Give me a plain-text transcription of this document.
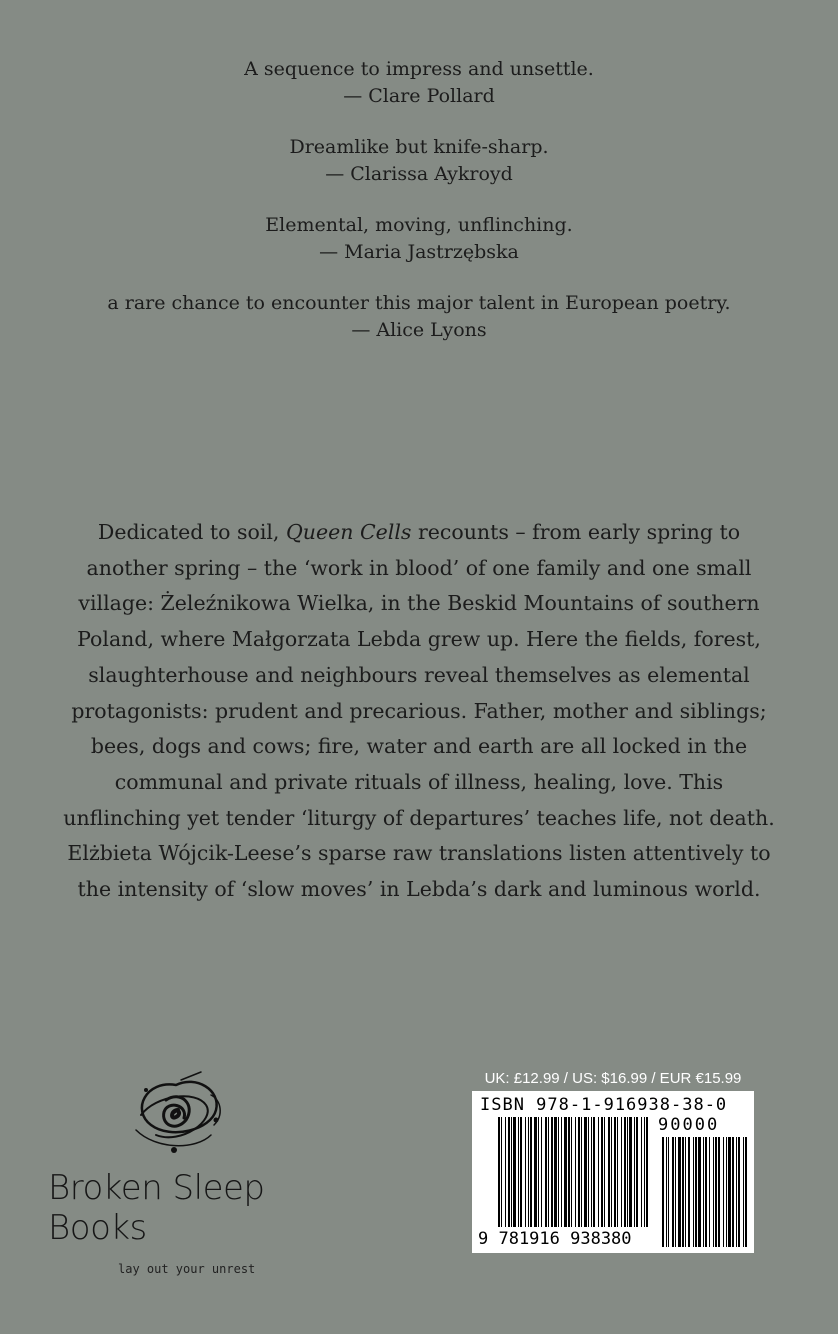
A sequence to impress and unsettle.
— Clare Pollard

Dreamlike but knife-sharp.
— Clarissa Aykroyd

Elemental, moving, unflinching.
— Maria Jastrzębska

a rare chance to encounter this major talent in European poetry.
— Alice Lyons

Dedicated to soil, Queen Cells recounts – from early spring to another spring – the ‘work in blood’ of one family and one small village: Żeleźnikowa Wielka, in the Beskid Mountains of southern Poland, where Małgorzata Lebda grew up. Here the fields, forest, slaughterhouse and neighbours reveal themselves as elemental protagonists: prudent and precarious. Father, mother and siblings; bees, dogs and cows; fire, water and earth are all locked in the communal and private rituals of illness, healing, love. This unflinching yet tender ‘liturgy of departures’ teaches life, not death. Elżbieta Wójcik-Leese’s sparse raw translations listen attentively to the intensity of ‘slow moves’ in Lebda’s dark and luminous world.
Broken Sleep Books
lay out your unrest
UK: £12.99 / US: $16.99 / EUR €15.99
ISBN 978-1-916938-38-0
90000
9 781916 938380
